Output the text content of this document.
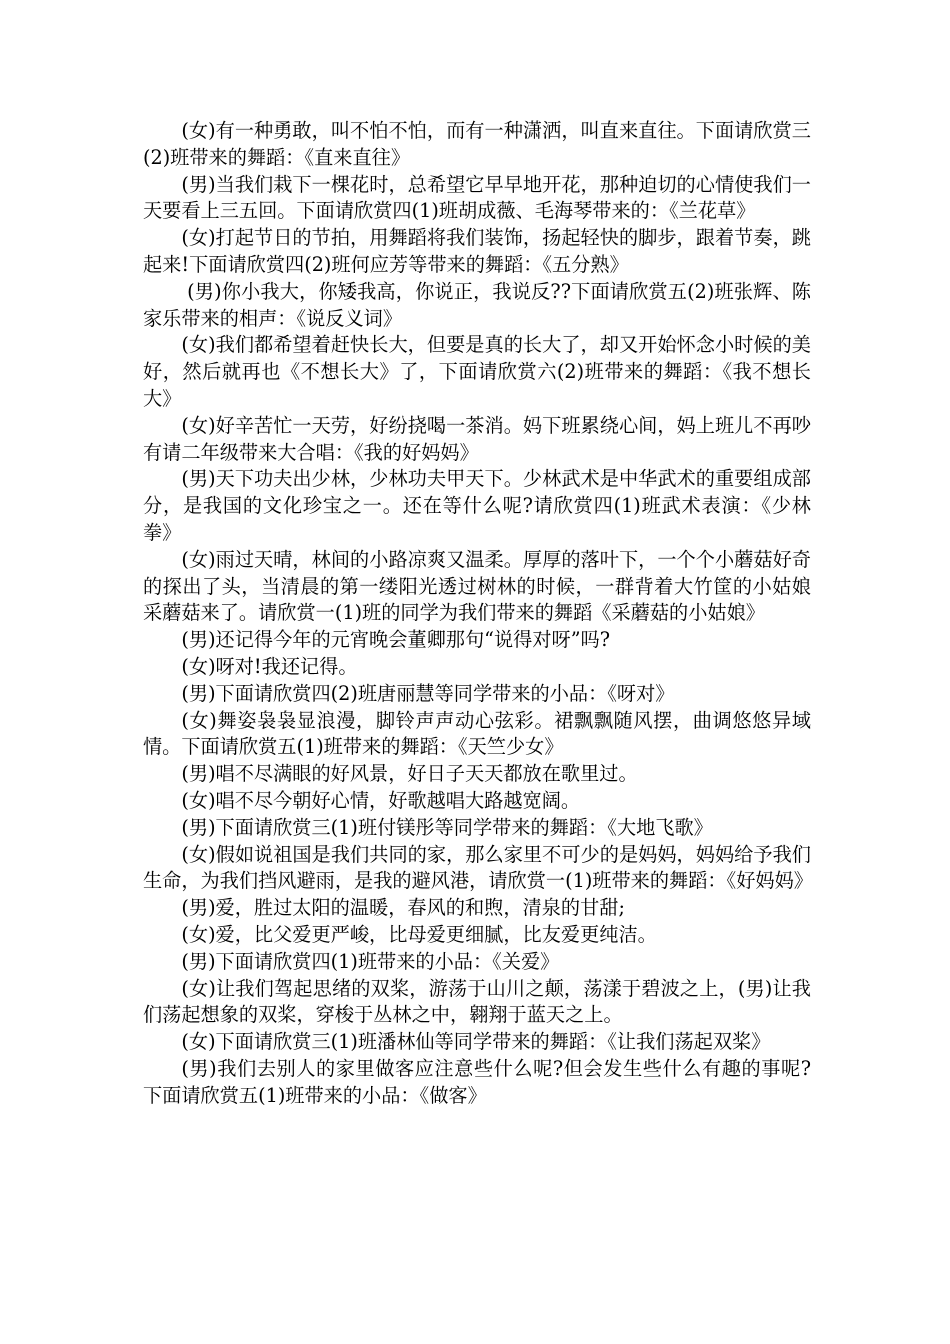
(女)有一种勇敢，叫不怕不怕，而有一种潇洒，叫直来直往。下面请欣赏三(2)班带来的舞蹈：《直来直往》

(男)当我们栽下一棵花时，总希望它早早地开花，那种迫切的心情使我们一天要看上三五回。下面请欣赏四(1)班胡成薇、毛海琴带来的：《兰花草》

(女)打起节日的节拍，用舞蹈将我们装饰，扬起轻快的脚步，跟着节奏，跳起来!下面请欣赏四(2)班何应芳等带来的舞蹈：《五分熟》

(男)你小我大，你矮我高，你说正，我说反??下面请欣赏五(2)班张辉、陈家乐带来的相声：《说反义词》

(女)我们都希望着赶快长大，但要是真的长大了，却又开始怀念小时候的美好，然后就再也《不想长大》了，下面请欣赏六(2)班带来的舞蹈：《我不想长大》

(女)好辛苦忙一天劳，好纷挠喝一茶消。妈下班累绕心间，妈上班儿不再吵有请二年级带来大合唱：《我的好妈妈》

(男)天下功夫出少林，少林功夫甲天下。少林武术是中华武术的重要组成部分，是我国的文化珍宝之一。还在等什么呢?请欣赏四(1)班武术表演：《少林拳》

(女)雨过天晴，林间的小路凉爽又温柔。厚厚的落叶下，一个个小蘑菇好奇的探出了头，当清晨的第一缕阳光透过树林的时候，一群背着大竹筐的小姑娘采蘑菇来了。请欣赏一(1)班的同学为我们带来的舞蹈《采蘑菇的小姑娘》

(男)还记得今年的元宵晚会董卿那句“说得对呀”吗?

(女)呀对!我还记得。

(男)下面请欣赏四(2)班唐丽慧等同学带来的小品：《呀对》

(女)舞姿袅袅显浪漫，脚铃声声动心弦彩。裙飘飘随风摆，曲调悠悠异域情。下面请欣赏五(1)班带来的舞蹈：《天竺少女》

(男)唱不尽满眼的好风景，好日子天天都放在歌里过。

(女)唱不尽今朝好心情，好歌越唱大路越宽阔。

(男)下面请欣赏三(1)班付镁彤等同学带来的舞蹈：《大地飞歌》

(女)假如说祖国是我们共同的家，那么家里不可少的是妈妈，妈妈给予我们生命，为我们挡风避雨，是我的避风港，请欣赏一(1)班带来的舞蹈：《好妈妈》

(男)爱，胜过太阳的温暖，春风的和煦，清泉的甘甜;

(女)爱，比父爱更严峻，比母爱更细腻，比友爱更纯洁。

(男)下面请欣赏四(1)班带来的小品：《关爱》

(女)让我们驾起思绪的双桨，游荡于山川之颠，荡漾于碧波之上，(男)让我们荡起想象的双桨，穿梭于丛林之中，翱翔于蓝天之上。

(女)下面请欣赏三(1)班潘林仙等同学带来的舞蹈：《让我们荡起双桨》

(男)我们去别人的家里做客应注意些什么呢?但会发生些什么有趣的事呢?下面请欣赏五(1)班带来的小品：《做客》
